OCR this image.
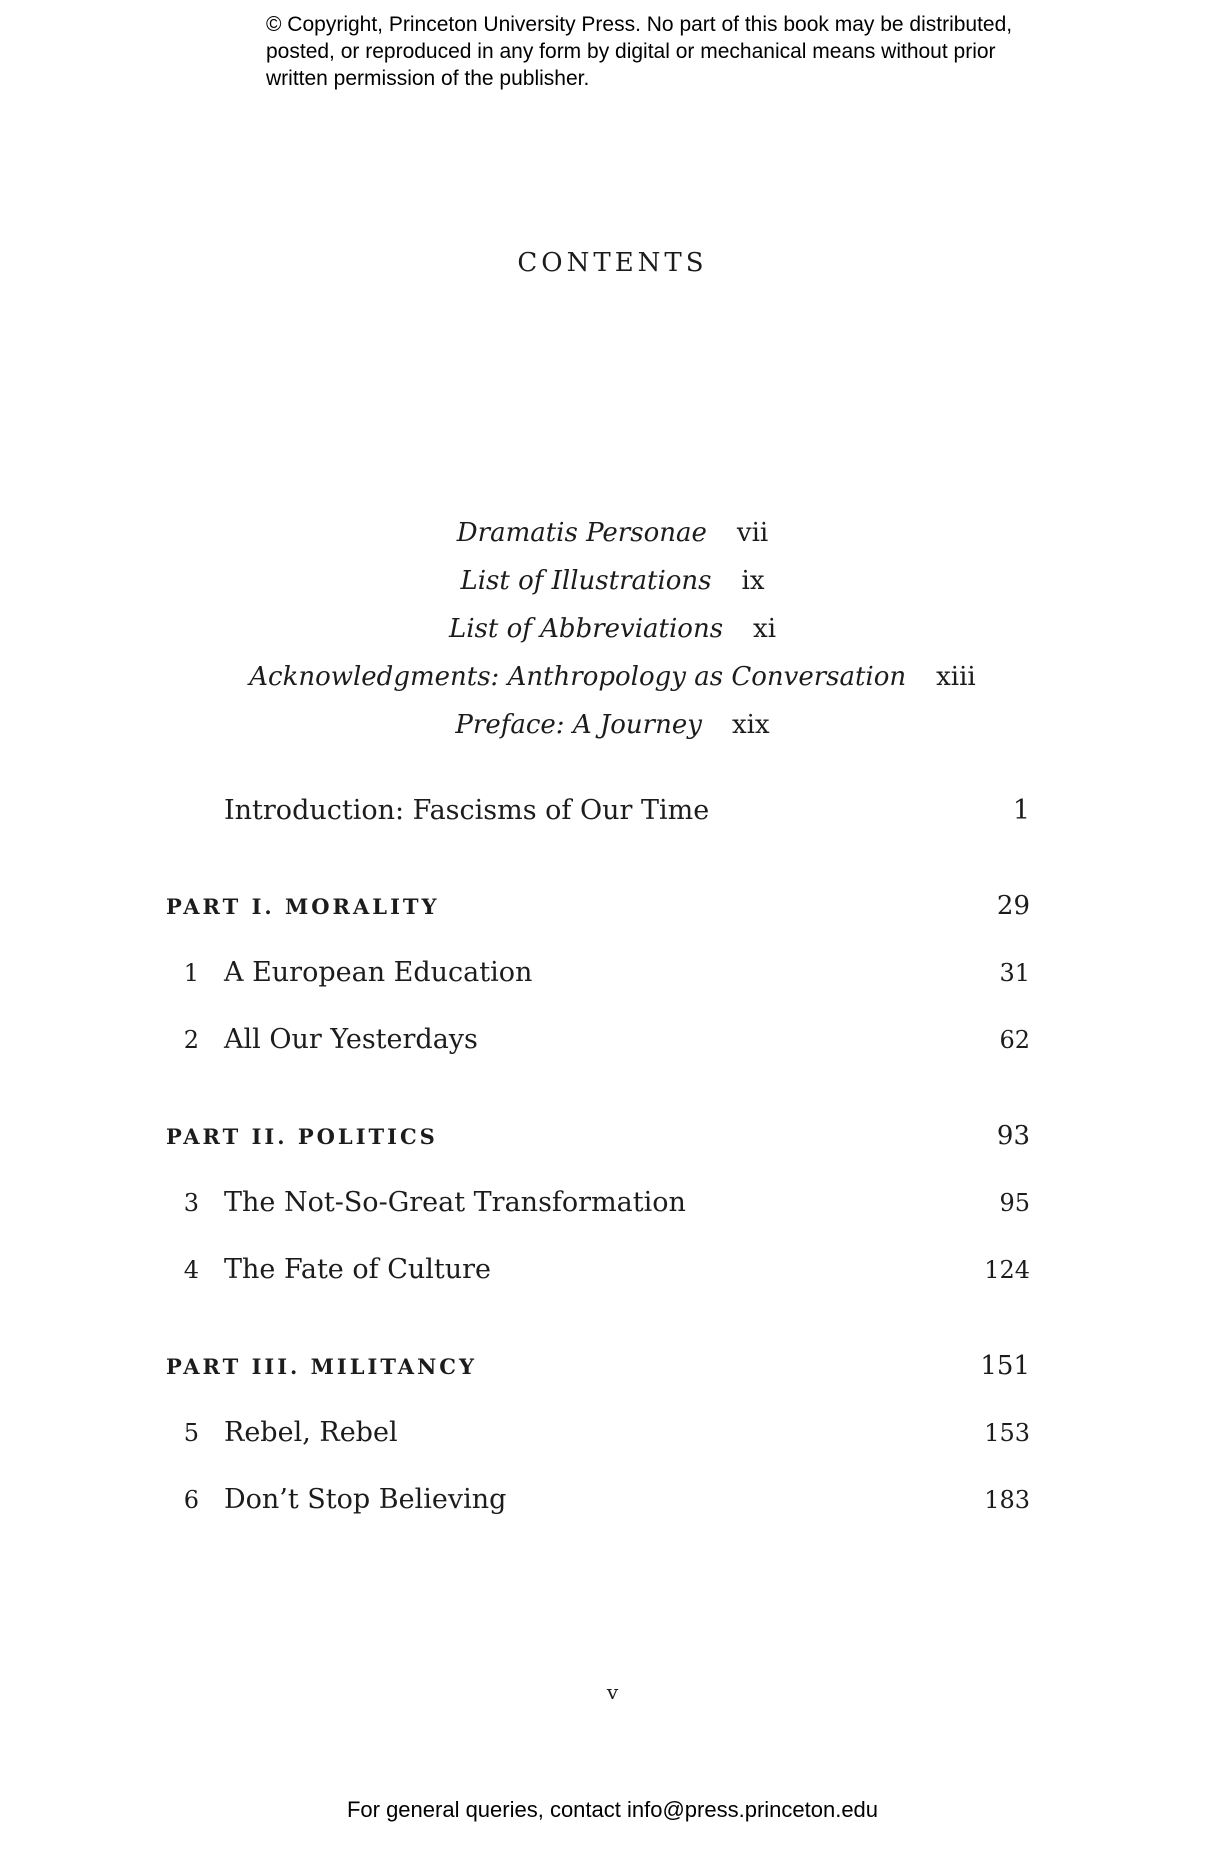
© Copyright, Princeton University Press. No part of this book may be distributed, posted, or reproduced in any form by digital or mechanical means without prior written permission of the publisher.
CONTENTS
Dramatis Personae vii
List of Illustrations ix
List of Abbreviations xi
Acknowledgments: Anthropology as Conversation xiii
Preface: A Journey xix
Introduction: Fascisms of Our Time	1
PART I. MORALITY	29
1 A European Education	31
2 All Our Yesterdays	62
PART II. POLITICS	93
3 The Not-So-Great Transformation	95
4 The Fate of Culture	124
PART III. MILITANCY	151
5 Rebel, Rebel	153
6 Don’t Stop Believing	183
v
For general queries, contact info@press.princeton.edu
